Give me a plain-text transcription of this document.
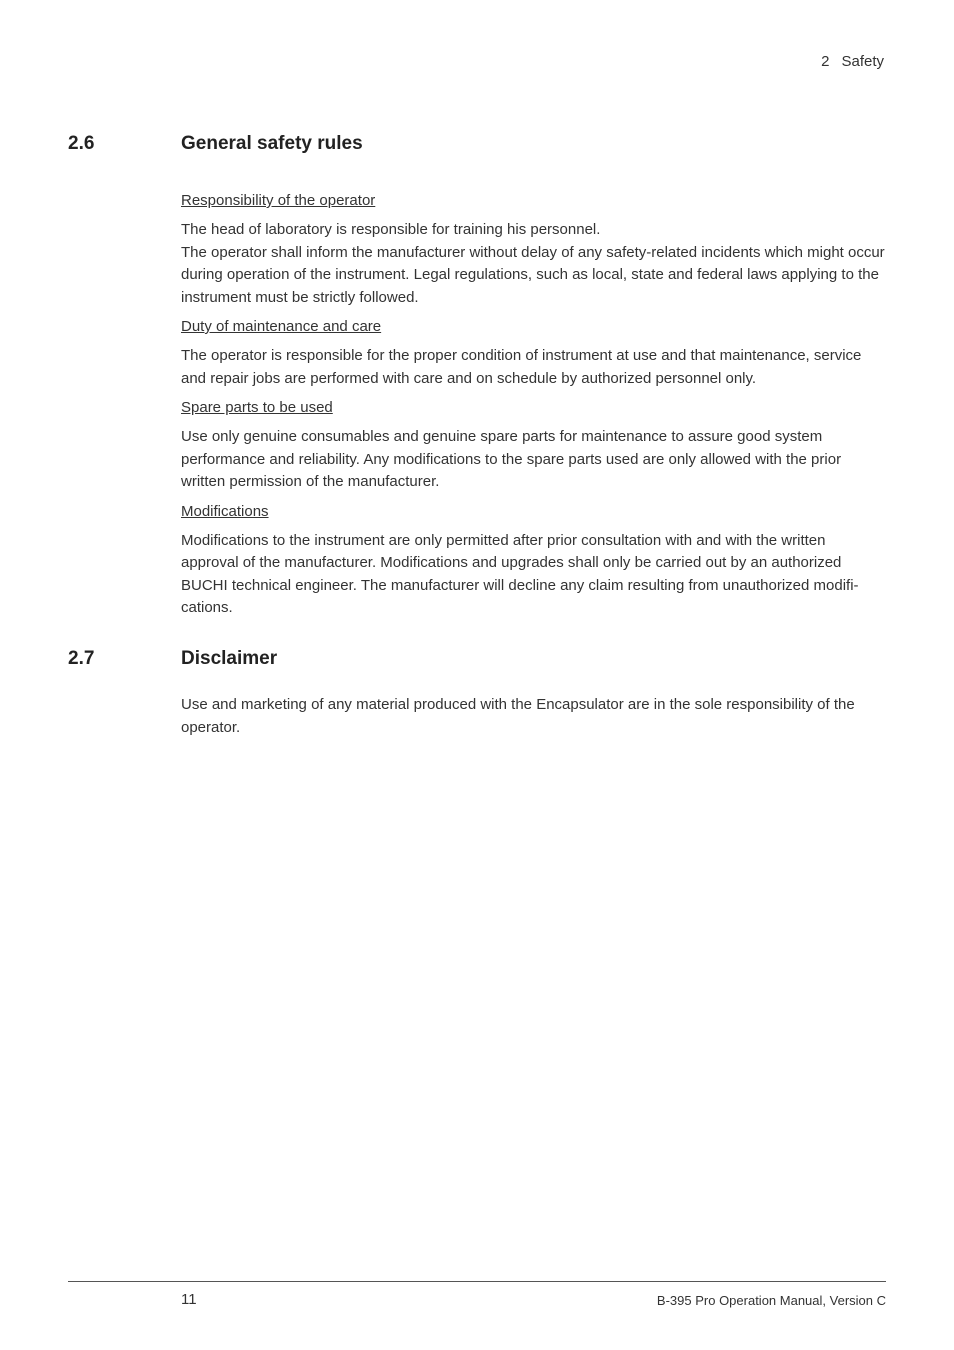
2 Safety
2.6	General safety rules
Responsibility of the operator
The head of laboratory is responsible for training his personnel.
The operator shall inform the manufacturer without delay of any safety-related incidents which might occur during operation of the instrument. Legal regulations, such as local, state and federal laws applying to the instrument must be strictly followed.
Duty of maintenance and care
The operator is responsible for the proper condition of instrument at use and that maintenance, service and repair jobs are performed with care and on schedule by authorized personnel only.
Spare parts to be used
Use only genuine consumables and genuine spare parts for maintenance to assure good system performance and reliability. Any modifications to the spare parts used are only allowed with the prior written permission of the manufacturer.
Modifications
Modifications to the instrument are only permitted after prior consultation with and with the written approval of the manufacturer. Modifications and upgrades shall only be carried out by an authorized BUCHI technical engineer. The manufacturer will decline any claim resulting from unauthorized modifi-cations.
2.7	Disclaimer
Use and marketing of any material produced with the Encapsulator are in the sole responsibility of the operator.
11	B-395 Pro Operation Manual, Version C
